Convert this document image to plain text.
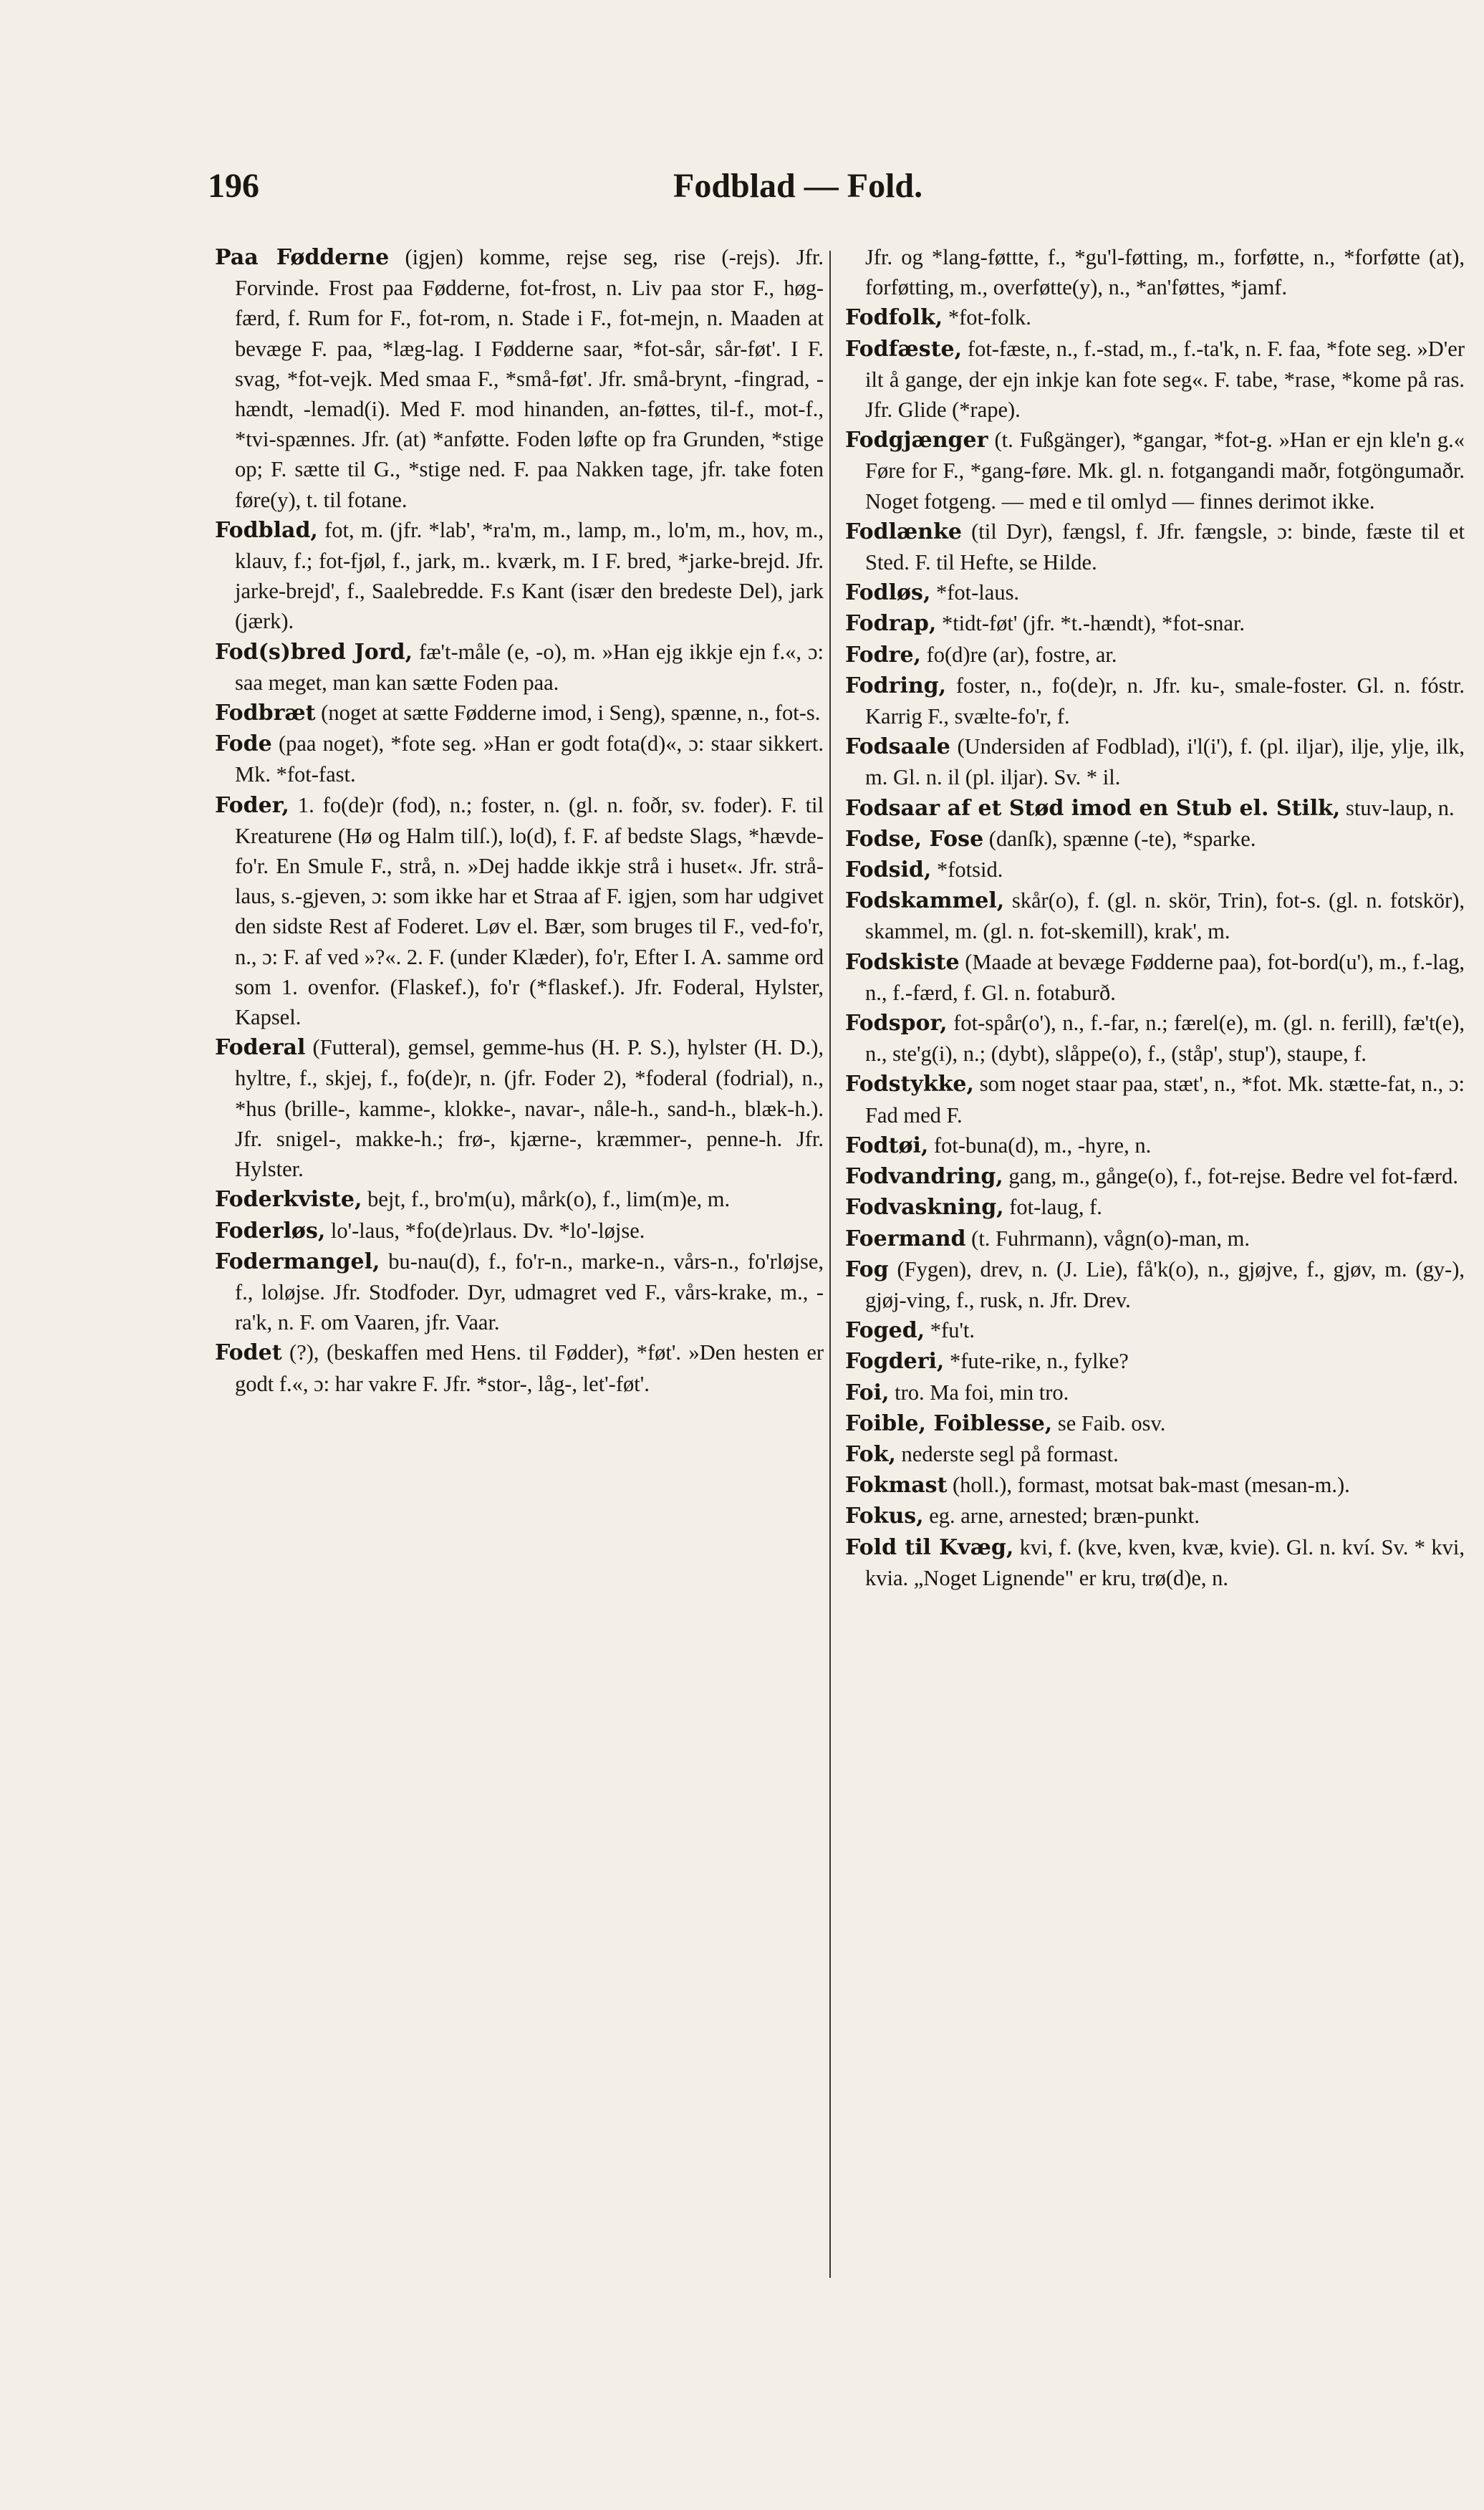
196	Fodblad — Fold.

Paa Føddernе (igjen) komme, rejse seg, rise (-rejs). Jfr. Forvinde. Frost paa Fødderne, fot-frost, n. Liv paa stor F., høg-færd, f. Rum for F., fot-rom, n. Stade i F., fot-mejn, n. Maaden at bevæge F. paa, *læg-lag. I Fødderne saar, *fot-sår, sår-føt'. I F. svag, *fot-vejk. Med smaa F., *små-føt'. Jfr. små-brynt, -fingrad, -hændt, -lemad(i). Med F. mod hinanden, an-føttes, til-f., mot-f., *tvi-spænnes. Jfr. (at) *anføtte. Foden løfte op fra Grunden, *stige op; F. sætte til G., *stige ned. F. paa Nakken tage, jfr. take foten føre(y), t. til fotane.

Fodblad, fot, m. (jfr. *lab', *ra'm, m., lamp, m., lo'm, m., hov, m., klauv, f.; fot-fjøl, f., jark, m.. kværk, m. I F. bred, *jarke-brejd. Jfr. jarke-brejd', f., Saalebredde. F.s Kant (især den bredeste Del), jark (jærk).

Fod(s)bred Jord, fæ't-måle (e, -o), m. »Han ejg ikkje ejn f.«, ɔ: saa meget, man kan sætte Foden paa.

Fodbræt (noget at sætte Fødderne imod, i Seng), spænne, n., fot-s.

Fode (paa noget), *fote seg. »Han er godt fota(d)«, ɔ: staar sikkert. Mk. *fot-fast.

Foder, 1. fo(de)r (fod), n.; foster, n. (gl. n. foðr, sv. foder). F. til Kreaturene (Hø og Halm tilſ.), lo(d), f. F. af bedste Slags, *hævde-fo'r. En Smule F., strå, n. »Dej hadde ikkje strå i huset«. Jfr. strå-laus, s.-gjeven, ɔ: som ikke har et Straa af F. igjen, som har udgivet den sidste Rest af Foderet. Løv el. Bær, som bruges til F., ved-fo'r, n., ɔ: F. af ved »?«. 2. F. (under Klæder), fo'r, Efter I. A. samme ord som 1. ovenfor. (Flaskef.), fo'r (*flaskef.). Jfr. Foderal, Hylster, Kapsel.

Foderal (Futteral), gemsel, gemme-hus (H. P. S.), hylster (H. D.), hyltre, f., skjej, f., fo(de)r, n. (jfr. Foder 2), *foderal (fodrial), n., *hus (brille-, kamme-, klokke-, navar-, nåle-h., sand-h., blæk-h.). Jfr. snigel-, makke-h.; frø-, kjærne-, kræmmer-, penne-h. Jfr. Hylster.

Foderkviste, bejt, f., bro'm(u), mårk(o), f., lim(m)e, m.

Foderløs, lo'-laus, *fo(de)rlaus. Dv. *lo'-løjse.

Fodermangel, bu-nau(d), f., fo'r-n., marke-n., vårs-n., fo'rløjse, f., loløjse. Jfr. Stodfoder. Dyr, udmagret ved F., vårs-krake, m., -ra'k, n. F. om Vaaren, jfr. Vaar.

Fodet (?), (beskaffen med Hens. til Fødder), *føt'. »Den hesten er godt f.«, ɔ: har vakre F. Jfr. *stor-, låg-, let'-føt'.

Jfr. og *lang-føttte, f., *gu'l-føtting, m., forføtte, n., *forføtte (at), forføtting, m., overføtte(y), n., *an'føttes, *jamf.

Fodfolk, *fot-folk.

Fodfæste, fot-fæste, n., f.-stad, m., f.-ta'k, n. F. faa, *fote seg. »D'er ilt å gange, der ejn inkje kan fote seg«. F. tabe, *rase, *kome på ras. Jfr. Glide (*rape).

Fodgjænger (t. Fußgänger), *gangar, *fot-g. »Han er ejn kle'n g.« Føre for F., *gang-føre. Mk. gl. n. fotgangandi maðr, fotgöngumaðr. Noget fotgeng. — med e til omlyd — finnes derimot ikke.

Fodlænke (til Dyr), fængsl, f. Jfr. fængsle, ɔ: binde, fæste til et Sted. F. til Hefte, se Hilde.

Fodløs, *fot-laus.

Fodrap, *tidt-føt' (jfr. *t.-hændt), *fot-snar.

Fodre, fo(d)re (ar), fostre, ar.

Fodring, foster, n., fo(de)r, n. Jfr. ku-, smale-foster. Gl. n. fóstr. Karrig F., svælte-fo'r, f.

Fodsaale (Undersiden af Fodblad), i'l(i'), f. (pl. iljar), ilje, ylje, ilk, m. Gl. n. il (pl. iljar). Sv. * il.

Fodsaar af et Stød imod en Stub el. Stilk, stuv-laup, n.

Fodse, Fose (danſk), spænne (-te), *sparke.

Fodsid, *fotsid.

Fodskammel, skår(o), f. (gl. n. skör, Trin), fot-s. (gl. n. fotskör), skammel, m. (gl. n. fot-skemill), krak', m.

Fodskiste (Maade at bevæge Fødderne paa), fot-bord(u'), m., f.-lag, n., f.-færd, f. Gl. n. fotaburð.

Fodspor, fot-spår(o'), n., f.-far, n.; færel(e), m. (gl. n. ferill), fæ't(e), n., ste'g(i), n.; (dybt), slåppe(o), f., (ståp', stup'), staupe, f.

Fodstykke, som noget staar paa, stæt', n., *fot. Mk. stætte-fat, n., ɔ: Fad med F.

Fodtøi, fot-buna(d), m., -hyre, n.

Fodvandring, gang, m., gånge(o), f., fot-rejse. Bedre vel fot-færd.

Fodvaskning, fot-laug, f.

Foermand (t. Fuhrmann), vågn(o)-man, m.

Fog (Fygen), drev, n. (J. Lie), få'k(o), n., gjøjve, f., gjøv, m. (gy-), gjøj-ving, f., rusk, n. Jfr. Drev.

Foged, *fu't.

Fogderi, *fute-rike, n., fylke?

Foi, tro. Ma foi, min tro.

Foible, Foiblesse, se Faib. osv.

Fok, nederste segl på formast.

Fokmast (holl.), formast, motsat bak-mast (mesan-m.).

Fokus, eg. arne, arnested; bræn-punkt.

Fold til Kvæg, kvi, f. (kve, kven, kvæ, kvie). Gl. n. kví. Sv. * kvi, kvia. „Noget Lignende" er kru, trø(d)e, n.
